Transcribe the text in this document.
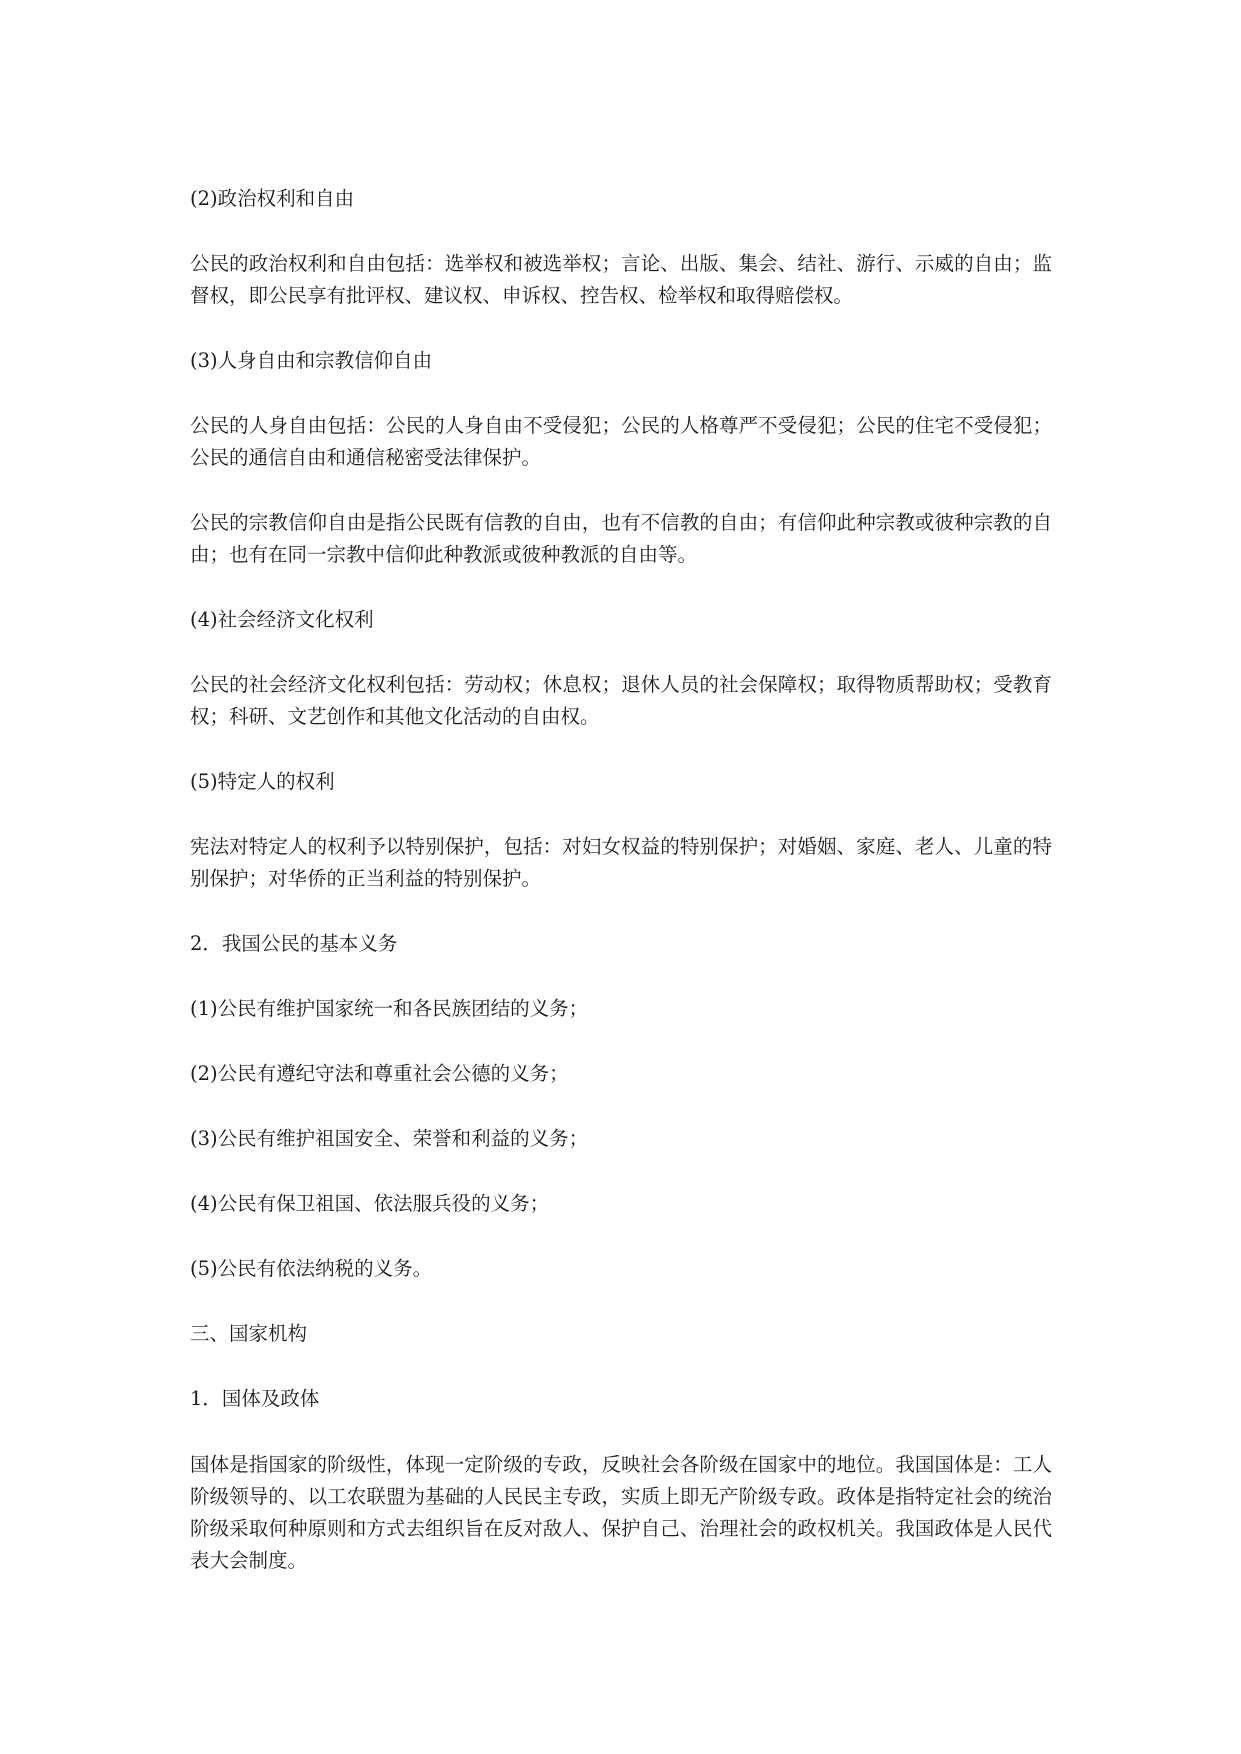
(2)政治权利和自由

公民的政治权利和自由包括：选举权和被选举权；言论、出版、集会、结社、游行、示威的自由；监督权，即公民享有批评权、建议权、申诉权、控告权、检举权和取得赔偿权。

(3)人身自由和宗教信仰自由

公民的人身自由包括：公民的人身自由不受侵犯；公民的人格尊严不受侵犯；公民的住宅不受侵犯；公民的通信自由和通信秘密受法律保护。

公民的宗教信仰自由是指公民既有信教的自由，也有不信教的自由；有信仰此种宗教或彼种宗教的自由；也有在同一宗教中信仰此种教派或彼种教派的自由等。

(4)社会经济文化权利

公民的社会经济文化权利包括：劳动权；休息权；退休人员的社会保障权；取得物质帮助权；受教育权；科研、文艺创作和其他文化活动的自由权。

(5)特定人的权利

宪法对特定人的权利予以特别保护，包括：对妇女权益的特别保护；对婚姻、家庭、老人、儿童的特别保护；对华侨的正当利益的特别保护。

2．我国公民的基本义务

(1)公民有维护国家统一和各民族团结的义务；

(2)公民有遵纪守法和尊重社会公德的义务；

(3)公民有维护祖国安全、荣誉和利益的义务；

(4)公民有保卫祖国、依法服兵役的义务；

(5)公民有依法纳税的义务。

三、国家机构

1．国体及政体

国体是指国家的阶级性，体现一定阶级的专政，反映社会各阶级在国家中的地位。我国国体是：工人阶级领导的、以工农联盟为基础的人民民主专政，实质上即无产阶级专政。政体是指特定社会的统治阶级采取何种原则和方式去组织旨在反对敌人、保护自己、治理社会的政权机关。我国政体是人民代表大会制度。
